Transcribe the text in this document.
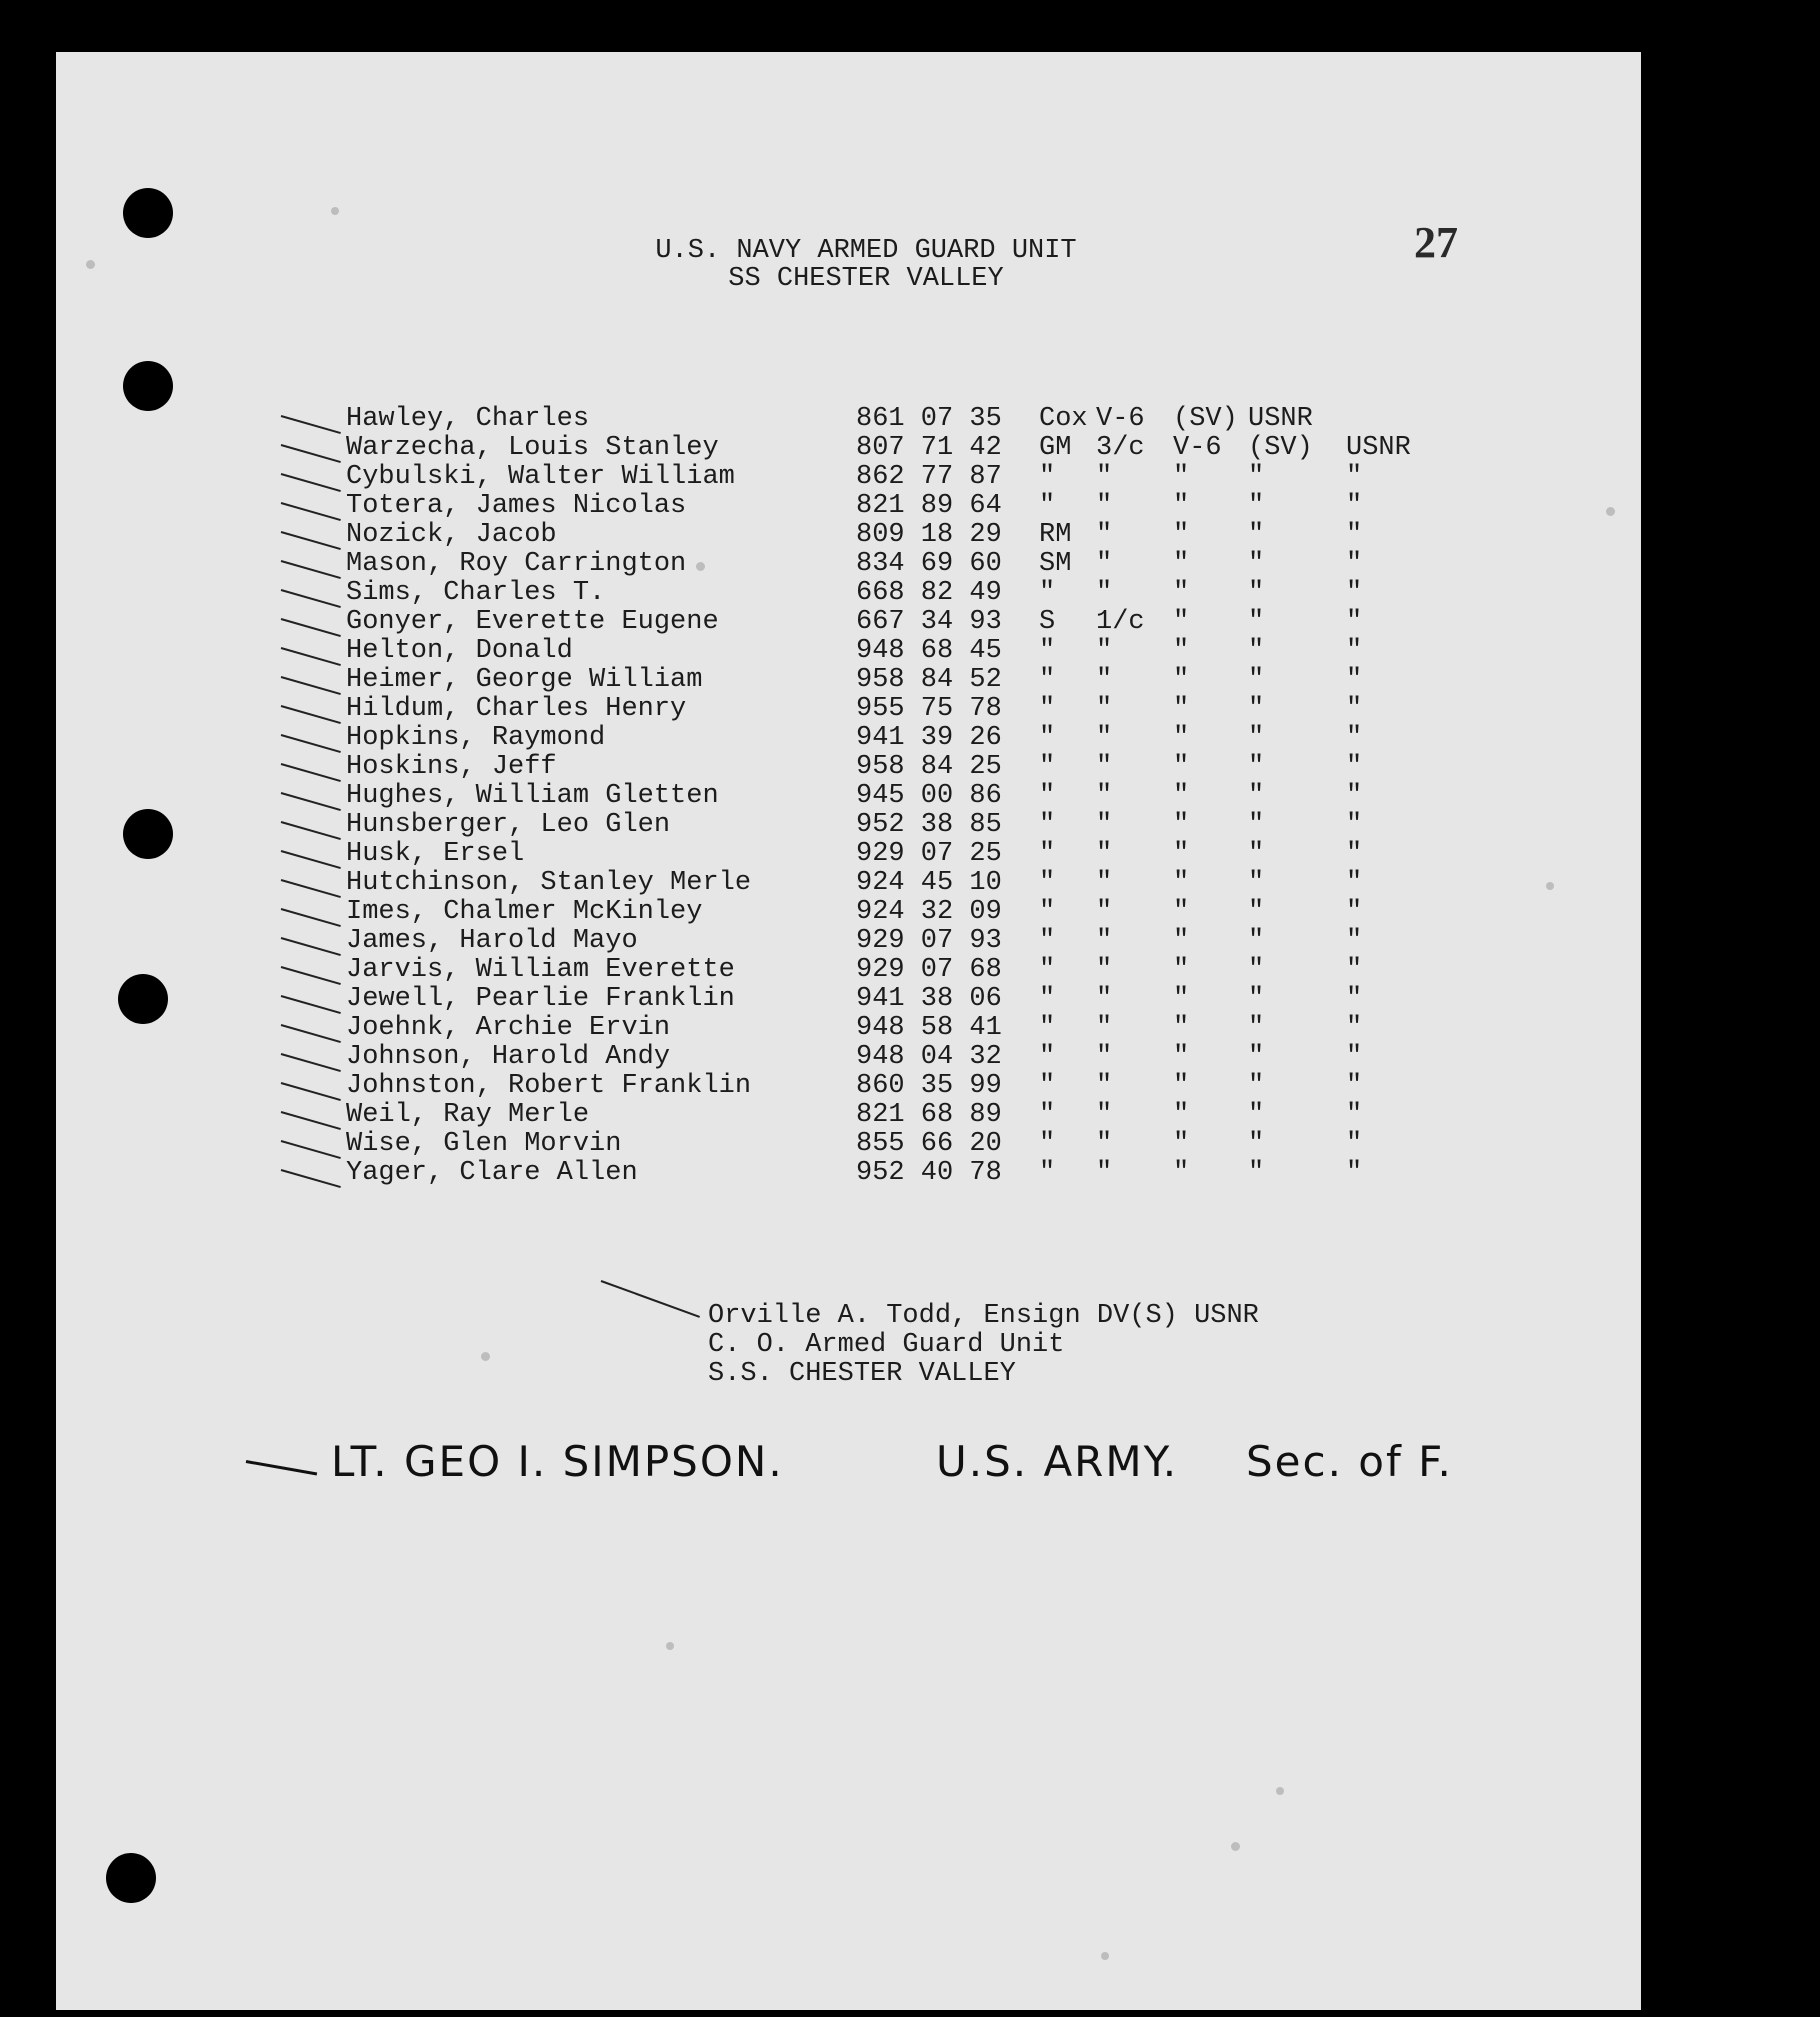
27
U.S. NAVY ARMED GUARD UNIT
SS CHESTER VALLEY
Hawley, Charles	861 07 35 Cox V-6 (SV) USNR
Warzecha, Louis Stanley	807 71 42 GM 3/c V-6 (SV) USNR
Cybulski, Walter William	862 77 87 " " " "	"
Totera, James Nicolas	821 89 64 " " " "	"
Nozick, Jacob	809 18 29 RM " " "	"
Mason, Roy Carrington	834 69 60 SM " " "	"
Sims, Charles T.	668 82 49 " " " "	"
Gonyer, Everette Eugene	667 34 93 S 1/c " "	"
Helton, Donald	948 68 45 " " " "	"
Heimer, George William	958 84 52 " " " "	"
Hildum, Charles Henry	955 75 78 " " " "	"
Hopkins, Raymond	941 39 26 " " " "	"
Hoskins, Jeff	958 84 25 " " " "	"
Hughes, William Gletten	945 00 86 " " " "	"
Hunsberger, Leo Glen	952 38 85 " " " "	"
Husk, Ersel	929 07 25 " " " "	"
Hutchinson, Stanley Merle	924 45 10 " " " "	"
Imes, Chalmer McKinley	924 32 09 " " " "	"
James, Harold Mayo	929 07 93 " " " "	"
Jarvis, William Everette	929 07 68 " " " "	"
Jewell, Pearlie Franklin	941 38 06 " " " "	"
Joehnk, Archie Ervin	948 58 41 " " " "	"
Johnson, Harold Andy	948 04 32 " " " "	"
Johnston, Robert Franklin	860 35 99 " " " "	"
Weil, Ray Merle	821 68 89 " " " "	"
Wise, Glen Morvin	855 66 20 " " " "	"
Yager, Clare Allen	952 40 78 " " " "	"
Orville A. Todd, Ensign DV(S) USNR
C. O. Armed Guard Unit
S.S. CHESTER VALLEY
LT. GEO I. SIMPSON.	U.S. ARMY. Sec. of F.
